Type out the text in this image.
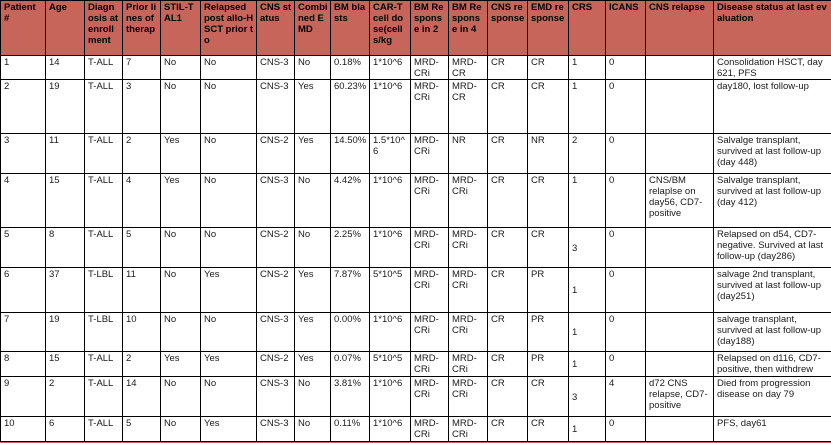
Patient #	Age	Diagnosis at enrollment	Prior lines of therap	STIL-TAL1	Relapsed post allo-HSCT prior to	CNS status	Combined EMD	BM blasts	CAR-T cell dose(cells/kg	BM Response in 2	BM Response in 4	CNS response	EMD response	CRS	ICANS	CNS relapse	Disease status at last evaluation
1	14	T-ALL	7	No	No	CNS-3	No	0.18%	1*10^6	MRD-CRi	MRD-CR	CR	CR	1	0		Consolidation HSCT, day 621, PFS
2	19	T-ALL	3	No	No	CNS-3	Yes	60.23%	1*10^6	MRD-CRi	MRD-CR	CR	CR	1	0		day180, lost follow-up
3	11	T-ALL	2	Yes	No	CNS-2	Yes	14.50%	1.5*10^6	MRD-CRi	NR	CR	NR	2	0		Salvalge transplant, survived at last follow-up (day 448)
4	15	T-ALL	4	Yes	No	CNS-3	No	4.42%	1*10^6	MRD-CRi	MRD-CRi	CR	CR	1	0	CNS/BM relaplse on day56, CD7-positive	Salvalge transplant, survived at last follow-up (day 412)
5	8	T-ALL	5	No	No	CNS-2	No	2.25%	1*10^6	MRD-CRi	MRD-CRi	CR	CR	3	0		Relapsed on d54, CD7-negative. Survived at last follow-up (day286)
6	37	T-LBL	11	No	Yes	CNS-2	Yes	7.87%	5*10^5	MRD-CRi	MRD-CRi	CR	PR	1	0		salvage 2nd transplant, survived at last follow-up (day251)
7	19	T-LBL	10	No	No	CNS-3	Yes	0.00%	1*10^6	MRD-CRi	MRD-CRi	CR	PR	1	0		salvage transplant, survived at last follow-up (day188)
8	15	T-ALL	2	Yes	Yes	CNS-2	Yes	0.07%	5*10^5	MRD-CRi	MRD-CRi	CR	PR	1	0		Relapsed on d116, CD7-positive, then withdrew
9	2	T-ALL	14	No	No	CNS-3	No	3.81%	1*10^6	MRD-CRi	MRD-CRi	CR	CR	3	4	d72 CNS relapse, CD7-positive	Died from progression disease on day 79
10	6	T-ALL	5	No	Yes	CNS-3	No	0.11%	1*10^6	MRD-CRi	MRD-CRi	CR	CR	1	0		PFS, day61
